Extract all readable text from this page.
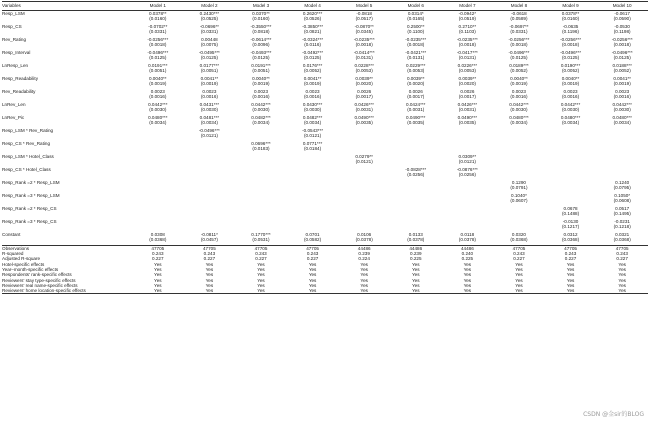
Variables	Model 1	Model 2	Model 3	Model 4	Model 5	Model 6	Model 7	Model 8	Model 9	Model 10
Resp_LSM	0.0378**	0.2430***	0.0370**	0.2620***	-0.0818	0.0314*	-0.0942*	-0.0618	0.0378**	-0.0617
	(0.0160)	(0.0525)	(0.0160)	(0.0526)	(0.0517)	(0.0165)	(0.0519)	(0.0589)	(0.0160)	(0.0590)

Resp_CS	-0.0702**	-0.0696**	-0.3550***	-0.3850***	-0.0870**	0.2500**	0.2710**	-0.0697**	-0.0635	-0.0530
	(0.0331)	(0.0331)	(0.0818)	(0.0821)	(0.0345)	(0.1100)	(0.1103)	(0.0331)	(0.1196)	(0.1198)

Rev_Rating	-0.0256***	0.00448	-0.0614***	-0.0324***	-0.0235***	-0.0235***	-0.0235***	-0.0256***	-0.0256***	-0.0256***
	(0.0018)	(0.0075)	(0.0096)	(0.0116)	(0.0018)	(0.0018)	(0.0018)	(0.0018)	(0.0018)	(0.0018)

Resp_Interval	-0.0496***	-0.0495***	-0.0493***	-0.0492***	-0.0414***	-0.0421***	-0.0417***	-0.0496***	-0.0496***	-0.0496***
	(0.0125)	(0.0125)	(0.0125)	(0.0125)	(0.0131)	(0.0131)	(0.0131)	(0.0125)	(0.0125)	(0.0125)

LnResp_Len	0.0191***	0.0177***	0.0191***	0.0176***	0.0228***	0.0229***	0.0226***	0.0189***	0.0190***	0.0188***
	(0.0051)	(0.0051)	(0.0051)	(0.0052)	(0.0053)	(0.0053)	(0.0053)	(0.0052)	(0.0052)	(0.0052)

Resp_Readability	0.0040**	0.0041**	0.0040**	0.0041**	0.0039**	0.0039**	0.0039**	0.0040**	0.0040**	0.0041**
	(0.0019)	(0.0019)	(0.0019)	(0.0019)	(0.0020)	(0.0020)	(0.0020)	(0.0019)	(0.0019)	(0.0019)

Rev_Readability	0.0023	0.0023	0.0023	0.0023	0.0026	0.0026	0.0026	0.0023	0.0023	0.0023
	(0.0016)	(0.0016)	(0.0016)	(0.0016)	(0.0017)	(0.0017)	(0.0017)	(0.0016)	(0.0016)	(0.0016)

LnRev_Len	0.0442***	0.0431***	0.0442***	0.0430***	0.0426***	0.0424***	0.0426***	0.0442***	0.0442***	0.0442***
	(0.0030)	(0.0030)	(0.0030)	(0.0030)	(0.0031)	(0.0031)	(0.0031)	(0.0030)	(0.0030)	(0.0030)

LnRev_Pic	0.0480***	0.0481***	0.0482***	0.0482***	0.0490***	0.0490***	0.0490***	0.0480***	0.0480***	0.0480***
	(0.0034)	(0.0034)	(0.0034)	(0.0034)	(0.0035)	(0.0035)	(0.0035)	(0.0034)	(0.0034)	(0.0034)

Resp_LSM * Rev_Rating		-0.0496***		-0.0543***						
		(0.0121)		(0.0121)						

Resp_CS * Rev_Rating			0.0696***	0.0771***						
			(0.0183)	(0.0184)						

Resp_LSM * Hotel_Class					0.0279**		0.0309**			
					(0.0121)		(0.0121)			

Resp_CS * Hotel_Class						-0.0828***	-0.0876***			
						(0.0256)	(0.0256)			

Resp_Rank =2 * Resp_LSM								0.1290		0.1240
								(0.0791)		(0.0795)

Resp_Rank =3 * Resp_LSM								0.1040*		0.1050*
								(0.0607)		(0.0608)

Resp_Rank =2 * Resp_CS									0.0678	0.0517
									(0.1488)	(0.1495)

Resp_Rank =3 * Resp_CS									-0.0130	-0.0231
									(0.1217)	(0.1218)

Constant	0.0308	-0.0811*	0.1770***	0.0701	0.0106	0.0133	0.0118	0.0320	0.0312	0.0321
	(0.0368)	(0.0457)	(0.0531)	(0.0582)	(0.0378)	(0.0378)	(0.0378)	(0.0368)	(0.0368)	(0.0368)

Observations	47705	47705	47705	47705	44486	44486	44486	47705	47705	47705
R-squared	0.243	0.243	0.243	0.243	0.239	0.239	0.240	0.243	0.243	0.243
Adjusted R-square	0.227	0.227	0.227	0.227	0.224	0.225	0.225	0.227	0.227	0.227
Hotel-specific effects	Yes	Yes	Yes	Yes	Yes	Yes	Yes	Yes	Yes	Yes
Year–month-specific effects	Yes	Yes	Yes	Yes	Yes	Yes	Yes	Yes	Yes	Yes
Respondents' rank-specific effects	Yes	Yes	Yes	Yes	Yes	Yes	Yes	Yes	Yes	Yes
Reviewers' stay type-specific effects	Yes	Yes	Yes	Yes	Yes	Yes	Yes	Yes	Yes	Yes
Reviewers' real name-specific effects	Yes	Yes	Yes	Yes	Yes	Yes	Yes	Yes	Yes	Yes
Reviewers' home location-specific effects	Yes	Yes	Yes	Yes	Yes	Yes	Yes	Yes	Yes	Yes
CSDN @金sir的BLOG
